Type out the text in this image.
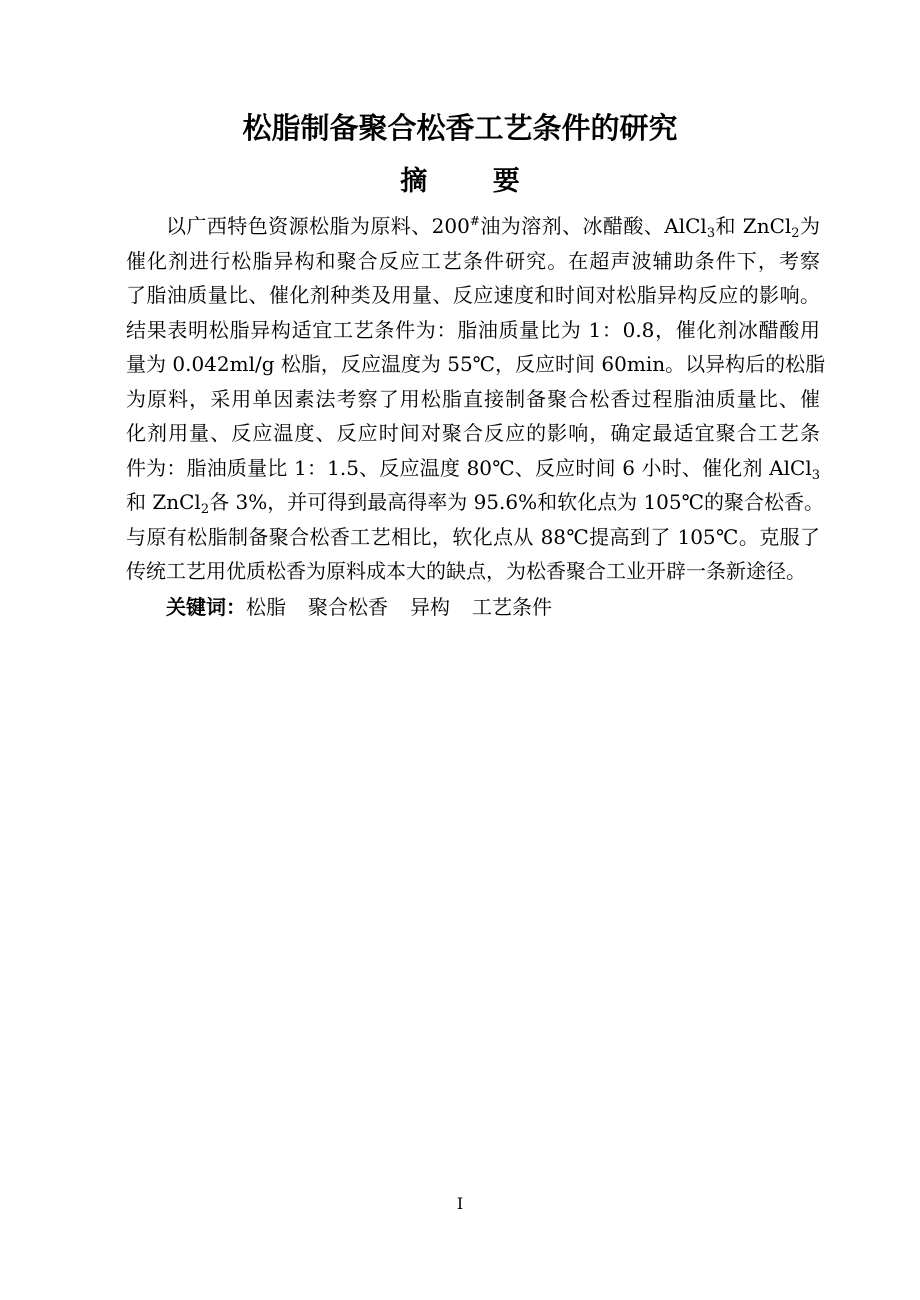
松脂制备聚合松香工艺条件的研究
摘 要
以广西特色资源松脂为原料、200#油为溶剂、冰醋酸、AlCl$_3$和 ZnCl$_2$为
催化剂进行松脂异构和聚合反应工艺条件研究。在超声波辅助条件下，考察
了脂油质量比、催化剂种类及用量、反应速度和时间对松脂异构反应的影响。
结果表明松脂异构适宜工艺条件为：脂油质量比为 1：0.8，催化剂冰醋酸用
量为 0.042ml/g 松脂，反应温度为 55℃，反应时间 60min。以异构后的松脂
为原料，采用单因素法考察了用松脂直接制备聚合松香过程脂油质量比、催
化剂用量、反应温度、反应时间对聚合反应的影响，确定最适宜聚合工艺条
件为：脂油质量比 1：1.5、反应温度 80℃、反应时间 6 小时、催化剂 AlCl$_3$
和 ZnCl$_2$各 3%，并可得到最高得率为 95.6%和软化点为 105℃的聚合松香。
与原有松脂制备聚合松香工艺相比，软化点从 88℃提高到了 105℃。克服了
传统工艺用优质松香为原料成本大的缺点，为松香聚合工业开辟一条新途径。
关键词：松脂 聚合松香 异构 工艺条件
I
